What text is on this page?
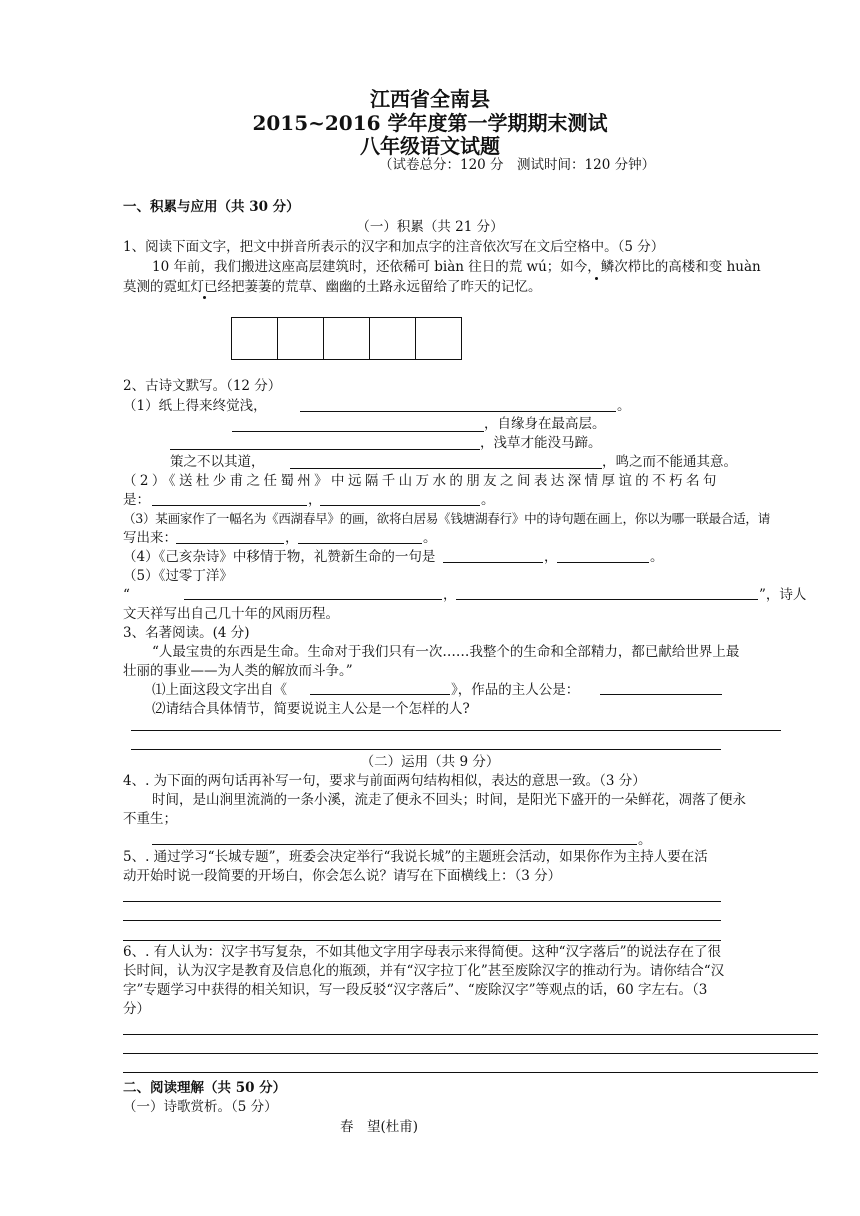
江西省全南县
2015~2016 学年度第一学期期末测试
八年级语文试题
（试卷总分：120 分　测试时间：120 分钟）
一、积累与应用（共 30 分）
（一）积累（共 21 分）
1、阅读下面文字，把文中拼音所表示的汉字和加点字的注音依次写在文后空格中。（5 分）
10 年前，我们搬进这座高层建筑时，还依稀可 biàn 往日的荒 wú；如今，鳞次栉比的高楼和变 huàn
莫测的霓虹灯已经把萋萋的荒草、幽幽的土路永远留给了昨天的记忆。
2、古诗文默写。（12 分）
（1）纸上得来终觉浅，	。
，自缘身在最高层。
，浅草才能没马蹄。
策之不以其道，	，鸣之而不能通其意。
（2）《送杜少甫之任蜀州》中远隔千山万水的朋友之间表达深情厚谊的不朽名句
是：	，	。
（3）某画家作了一幅名为《西湖春早》的画，欲将白居易《钱塘湖春行》中的诗句题在画上，你以为哪一联最合适，请
写出来：	，	。
（4）《己亥杂诗》中移情于物，礼赞新生命的一句是	，	。
（5）《过零丁洋》
“	，	”，诗人
文天祥写出自己几十年的风雨历程。
3、名著阅读。(4 分)
“人最宝贵的东西是生命。生命对于我们只有一次……我整个的生命和全部精力，都已献给世界上最
壮丽的事业——为人类的解放而斗争。”
⑴上面这段文字出自《	》，作品的主人公是：
⑵请结合具体情节，简要说说主人公是一个怎样的人?
（二）运用（共 9 分）
4、. 为下面的两句话再补写一句，要求与前面两句结构相似，表达的意思一致。（3 分）
时间，是山涧里流淌的一条小溪，流走了便永不回头；时间，是阳光下盛开的一朵鲜花，凋落了便永
不重生；
。
5、. 通过学习“长城专题”，班委会决定举行“我说长城”的主题班会活动，如果你作为主持人要在活
动开始时说一段简要的开场白，你会怎么说？请写在下面横线上：（3 分）
6、. 有人认为：汉字书写复杂，不如其他文字用字母表示来得简便。这种“汉字落后”的说法存在了很
长时间，认为汉字是教育及信息化的瓶颈，并有“汉字拉丁化”甚至废除汉字的推动行为。请你结合“汉
字”专题学习中获得的相关知识，写一段反驳“汉字落后”、“废除汉字”等观点的话，60 字左右。（3
分）
二、阅读理解（共 50 分）
（一）诗歌赏析。（5 分）
春　望(杜甫)
